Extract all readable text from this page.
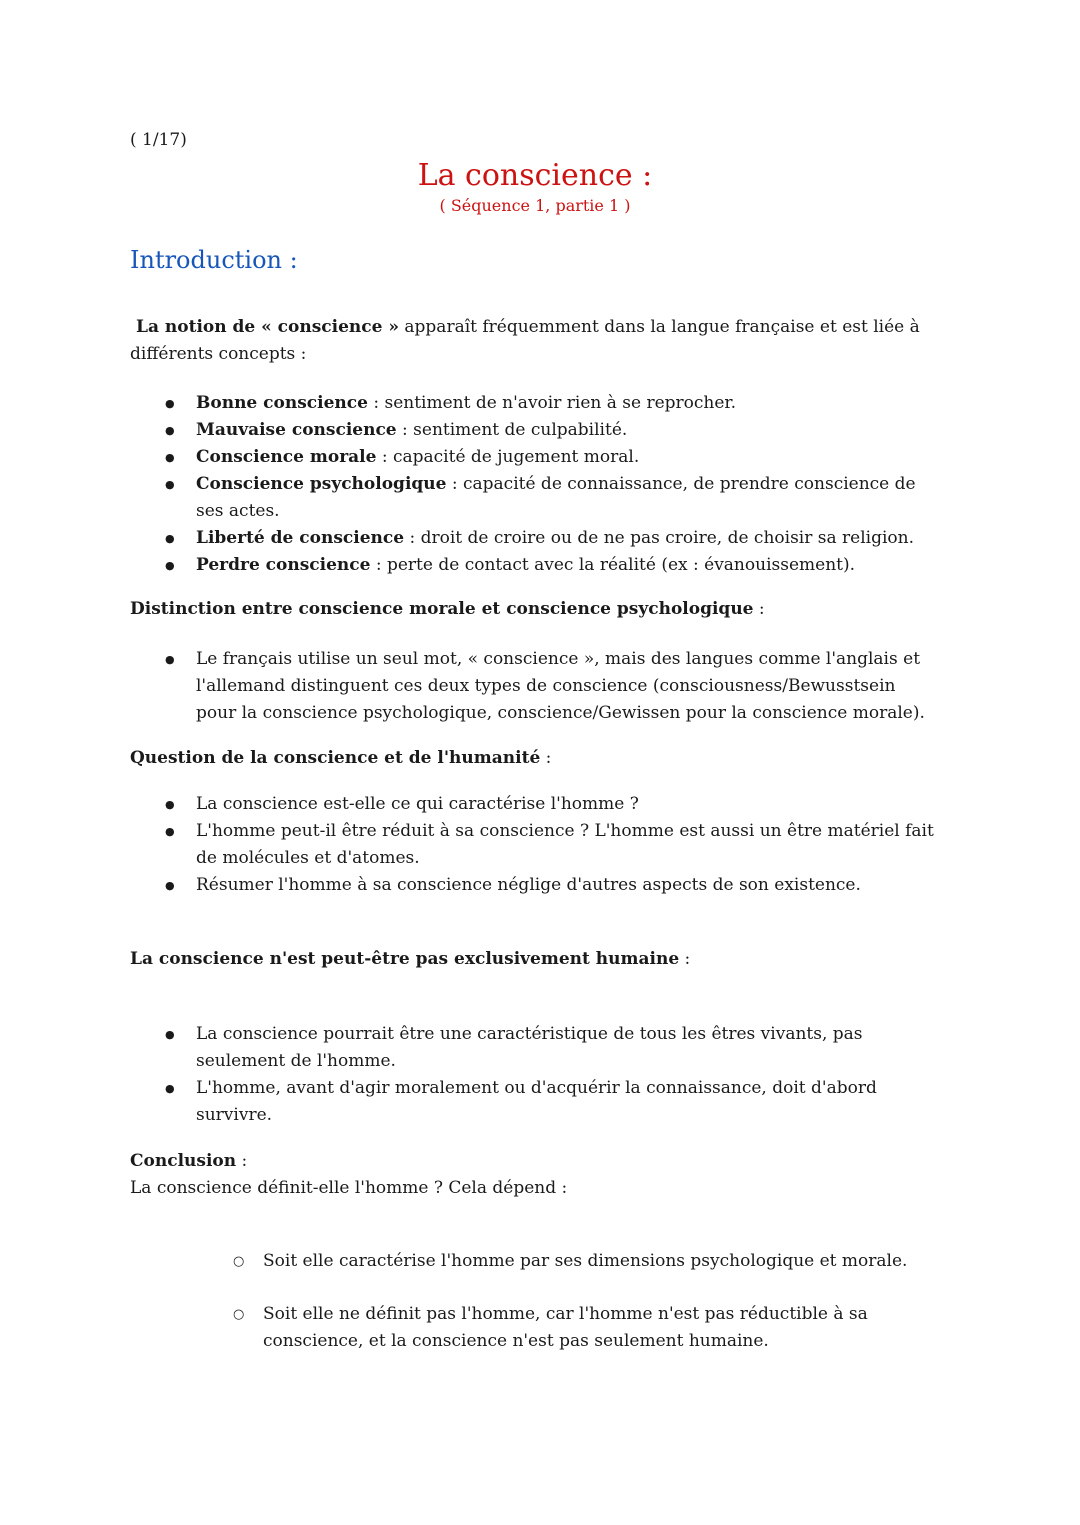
( 1/17)
La conscience :
( Séquence 1, partie 1 )
Introduction :

La notion de « conscience » apparaît fréquemment dans la langue française et est liée à différents concepts :

●	Bonne conscience : sentiment de n'avoir rien à se reprocher.
●	Mauvaise conscience : sentiment de culpabilité.
●	Conscience morale : capacité de jugement moral.
●	Conscience psychologique : capacité de connaissance, de prendre conscience de ses actes.
●	Liberté de conscience : droit de croire ou de ne pas croire, de choisir sa religion.
●	Perdre conscience : perte de contact avec la réalité (ex : évanouissement).
Distinction entre conscience morale et conscience psychologique :
●	Le français utilise un seul mot, « conscience », mais des langues comme l'anglais et l'allemand distinguent ces deux types de conscience (consciousness/Bewusstsein pour la conscience psychologique, conscience/Gewissen pour la conscience morale).
Question de la conscience et de l'humanité :
●	La conscience est-elle ce qui caractérise l'homme ?
●	L'homme peut-il être réduit à sa conscience ? L'homme est aussi un être matériel fait de molécules et d'atomes.
●	Résumer l'homme à sa conscience néglige d'autres aspects de son existence.
La conscience n'est peut-être pas exclusivement humaine :
●	La conscience pourrait être une caractéristique de tous les êtres vivants, pas seulement de l'homme.
●	L'homme, avant d'agir moralement ou d'acquérir la connaissance, doit d'abord survivre.
Conclusion :
La conscience définit-elle l'homme ? Cela dépend :
○	Soit elle caractérise l'homme par ses dimensions psychologique et morale.
○	Soit elle ne définit pas l'homme, car l'homme n'est pas réductible à sa conscience, et la conscience n'est pas seulement humaine.
